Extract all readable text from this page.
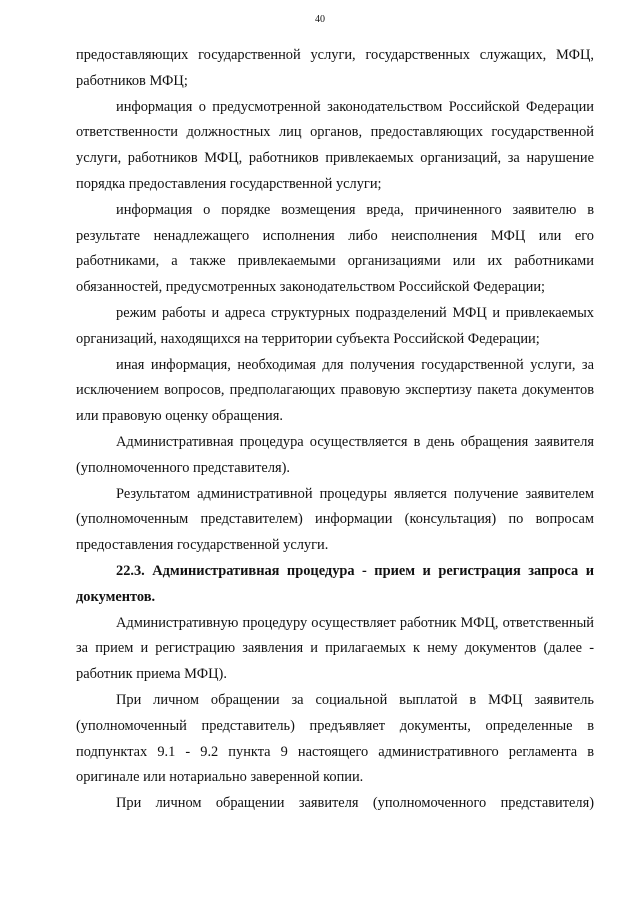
40

предоставляющих государственной услуги, государственных служащих, МФЦ, работников МФЦ;

информация о предусмотренной законодательством Российской Федерации ответственности должностных лиц органов, предоставляющих государственной услуги, работников МФЦ, работников привлекаемых организаций, за нарушение порядка предоставления государственной услуги;

информация о порядке возмещения вреда, причиненного заявителю в результате ненадлежащего исполнения либо неисполнения МФЦ или его работниками, а также привлекаемыми организациями или их работниками обязанностей, предусмотренных законодательством Российской Федерации;

режим работы и адреса структурных подразделений МФЦ и привлекаемых организаций, находящихся на территории субъекта Российской Федерации;

иная информация, необходимая для получения государственной услуги, за исключением вопросов, предполагающих правовую экспертизу пакета документов или правовую оценку обращения.

Административная процедура осуществляется в день обращения заявителя (уполномоченного представителя).

Результатом административной процедуры является получение заявителем (уполномоченным представителем) информации (консультация) по вопросам предоставления государственной услуги.

22.3. Административная процедура - прием и регистрация запроса и документов.

Административную процедуру осуществляет работник МФЦ, ответственный за прием и регистрацию заявления и прилагаемых к нему документов (далее - работник приема МФЦ).

При личном обращении за социальной выплатой в МФЦ заявитель (уполномоченный представитель) предъявляет документы, определенные в подпунктах 9.1 - 9.2 пункта 9 настоящего административного регламента в оригинале или нотариально заверенной копии.

При личном обращении заявителя (уполномоченного представителя)
